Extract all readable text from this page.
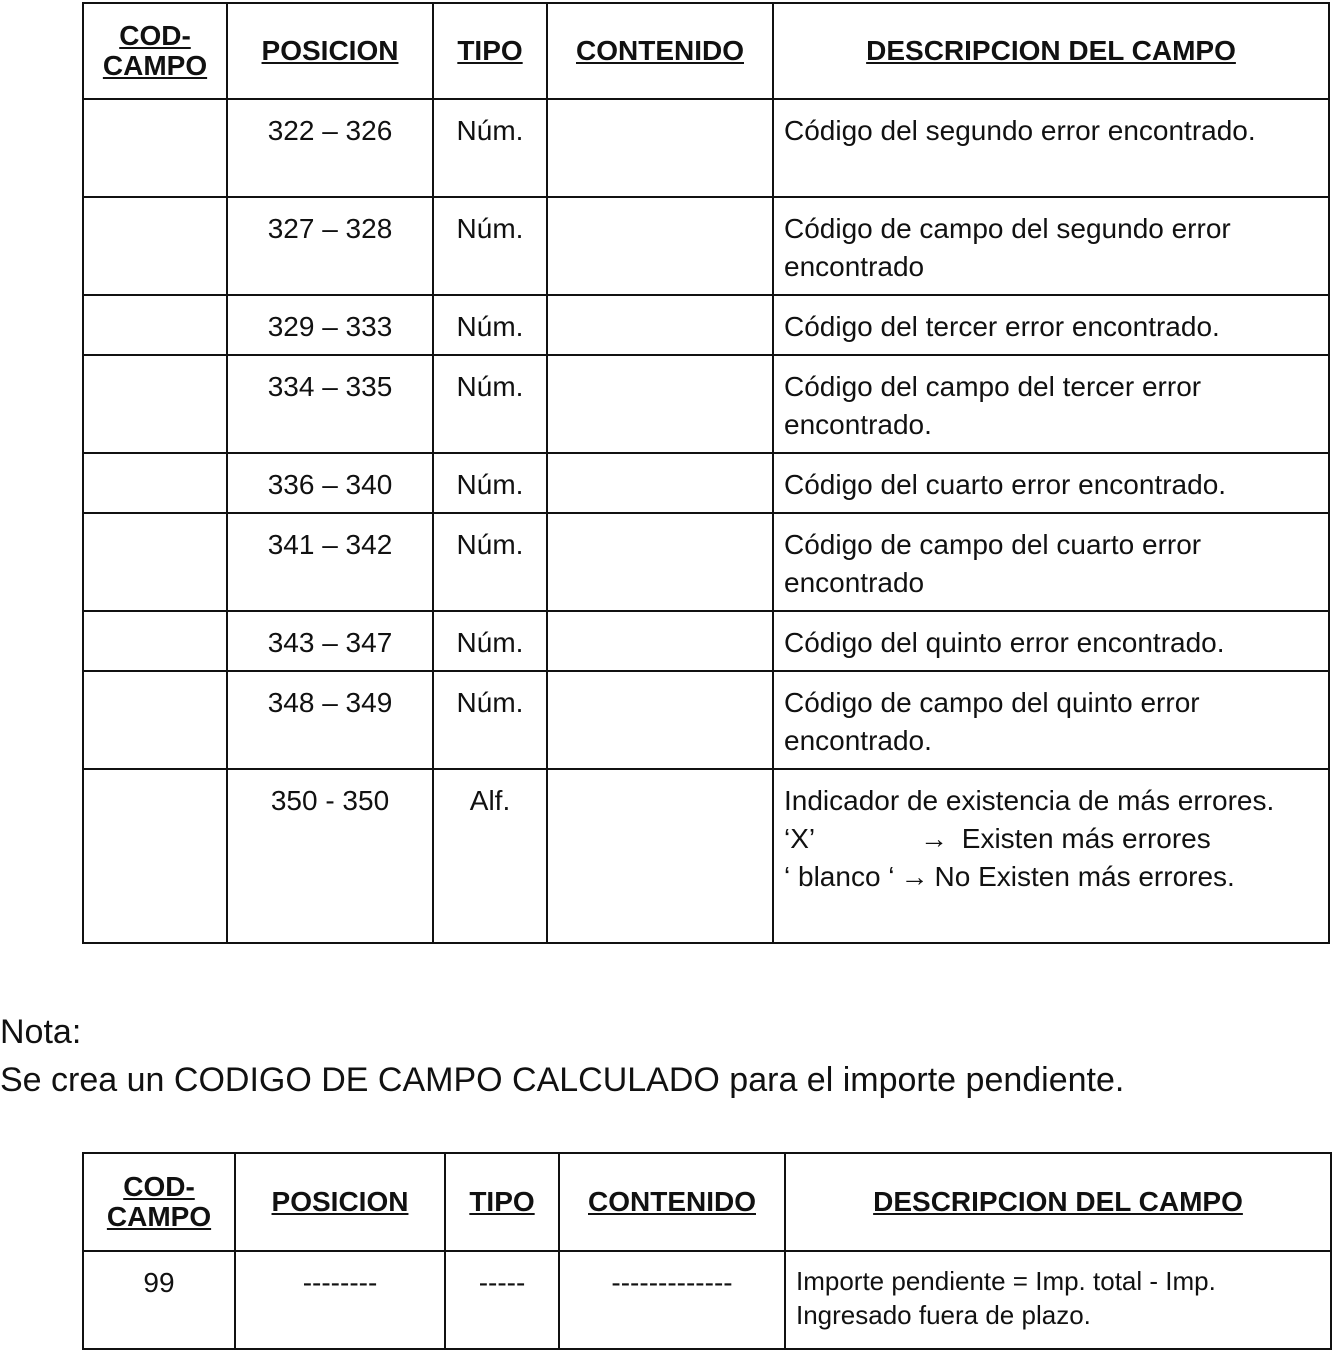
COD-
CAMPO	POSICION	TIPO	CONTENIDO	DESCRIPCION DEL CAMPO
	322 – 326	Núm.		Código del segundo error encontrado.
	327 – 328	Núm.		Código de campo del segundo error encontrado
	329 – 333	Núm.		Código del tercer error encontrado.
	334 – 335	Núm.		Código del campo del tercer error encontrado.
	336 – 340	Núm.		Código del cuarto error encontrado.
	341 – 342	Núm.		Código de campo del cuarto error encontrado
	343 – 347	Núm.		Código del quinto error encontrado.
	348 – 349	Núm.		Código de campo del quinto error encontrado.
	350 - 350	Alf.		Indicador de existencia de más errores.
‘X’ → Existen más errores
‘ blanco ‘ → No Existen más errores.
Nota:
Se crea un CODIGO DE CAMPO CALCULADO para el importe pendiente.
COD-
CAMPO	POSICION	TIPO	CONTENIDO	DESCRIPCION DEL CAMPO
99	--------	-----	-------------	Importe pendiente = Imp. total - Imp. Ingresado fuera de plazo.
